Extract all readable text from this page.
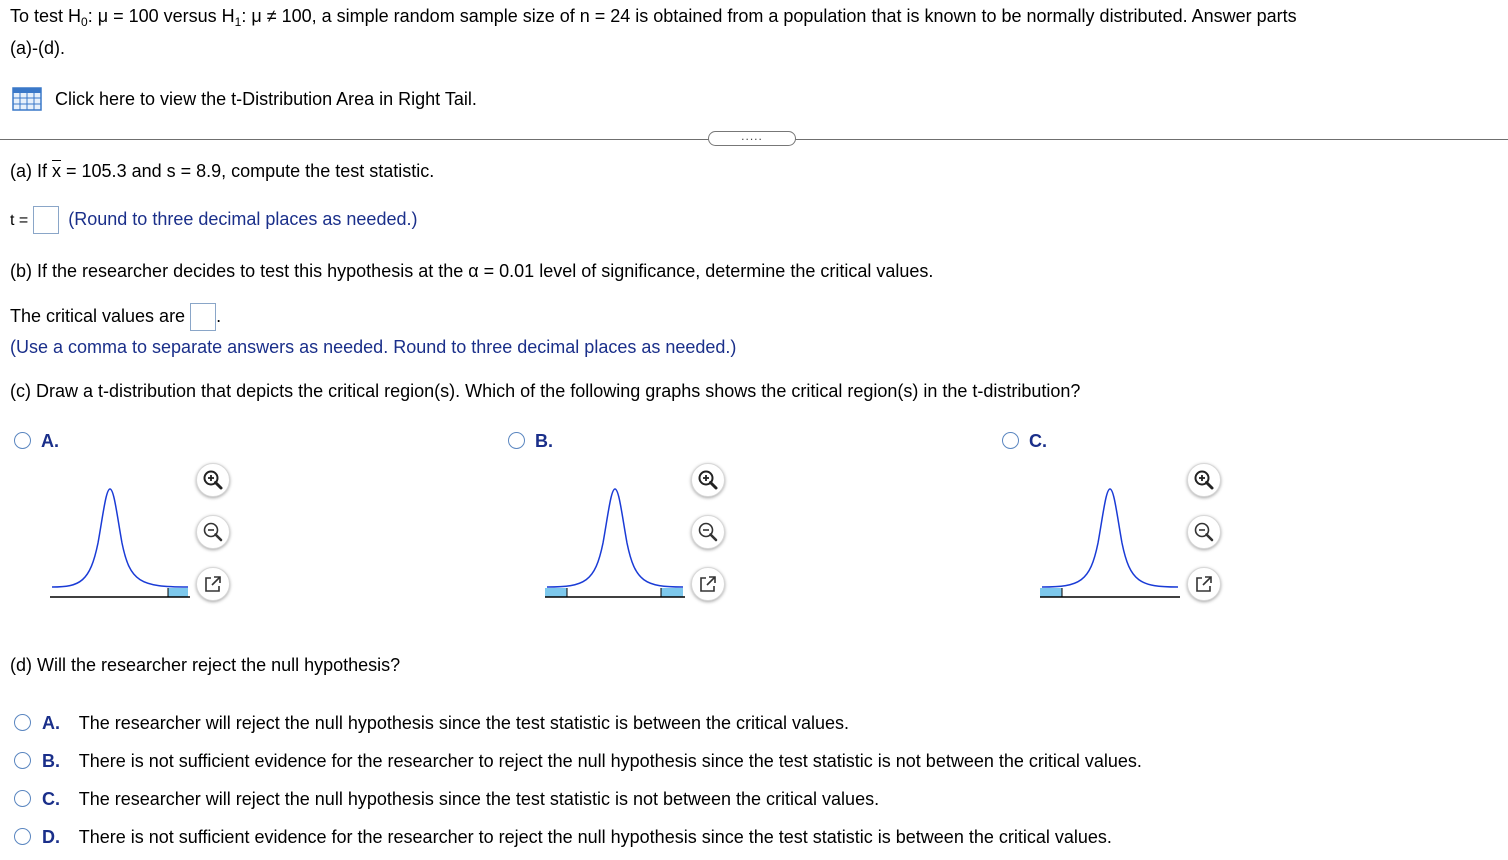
To test $H_0$: μ = 100 versus $H_1$: μ ≠ 100, a simple random sample size of n = 24 is obtained from a population that is known to be normally distributed. Answer parts
(a)-(d).
Click here to view the t-Distribution Area in Right Tail.
.....
(a) If $\overline{x} = 105.3$ and s = 8.9, compute the test statistic.
t = (Round to three decimal places as needed.)
(b) If the researcher decides to test this hypothesis at the α = 0.01 level of significance, determine the critical values.
The critical values are .
(Use a comma to separate answers as needed. Round to three decimal places as needed.)
(c) Draw a t-distribution that depicts the critical region(s). Which of the following graphs shows the critical region(s) in the t-distribution?
A.	B.	C.
(d) Will the researcher reject the null hypothesis?
A. The researcher will reject the null hypothesis since the test statistic is between the critical values.
B. There is not sufficient evidence for the researcher to reject the null hypothesis since the test statistic is not between the critical values.
C. The researcher will reject the null hypothesis since the test statistic is not between the critical values.
D. There is not sufficient evidence for the researcher to reject the null hypothesis since the test statistic is between the critical values.
